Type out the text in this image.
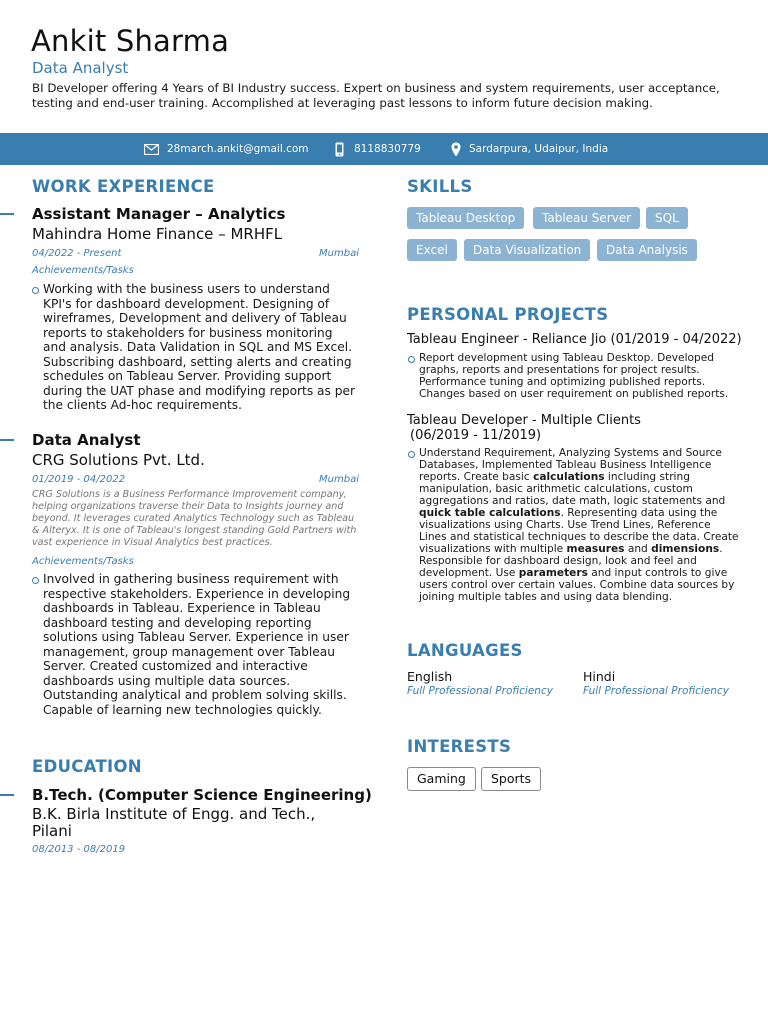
Ankit Sharma
Data Analyst
BI Developer offering 4 Years of BI Industry success. Expert on business and system requirements, user acceptance, testing and end-user training. Accomplished at leveraging past lessons to inform future decision making.
28march.ankit@gmail.com	8118830779	Sardarpura, Udaipur, India
WORK EXPERIENCE
Assistant Manager – Analytics
Mahindra Home Finance – MRHFL
04/2022 - Present	Mumbai
Achievements/Tasks
Working with the business users to understand KPI's for dashboard development. Designing of wireframes, Development and delivery of Tableau reports to stakeholders for business monitoring and analysis. Data Validation in SQL and MS Excel. Subscribing dashboard, setting alerts and creating schedules on Tableau Server. Providing support during the UAT phase and modifying reports as per the clients Ad-hoc requirements.
Data Analyst
CRG Solutions Pvt. Ltd.
01/2019 - 04/2022	Mumbai
CRG Solutions is a Business Performance Improvement company, helping organizations traverse their Data to Insights journey and beyond. It leverages curated Analytics Technology such as Tableau & Alteryx. It is one of Tableau's longest standing Gold Partners with vast experience in Visual Analytics best practices.
Achievements/Tasks
Involved in gathering business requirement with respective stakeholders. Experience in developing dashboards in Tableau. Experience in Tableau dashboard testing and developing reporting solutions using Tableau Server. Experience in user management, group management over Tableau Server. Created customized and interactive dashboards using multiple data sources. Outstanding analytical and problem solving skills. Capable of learning new technologies quickly.
EDUCATION
B.Tech. (Computer Science Engineering)
B.K. Birla Institute of Engg. and Tech.,
Pilani
08/2013 - 08/2019
SKILLS
Tableau Desktop	Tableau Server	SQL
Excel	Data Visualization	Data Analysis
PERSONAL PROJECTS
Tableau Engineer - Reliance Jio (01/2019 - 04/2022)
Report development using Tableau Desktop. Developed graphs, reports and presentations for project results. Performance tuning and optimizing published reports. Changes based on user requirement on published reports.
Tableau Developer - Multiple Clients
(06/2019 - 11/2019)
Understand Requirement, Analyzing Systems and Source Databases, Implemented Tableau Business Intelligence reports. Create basic calculations including string manipulation, basic arithmetic calculations, custom aggregations and ratios, date math, logic statements and quick table calculations. Representing data using the visualizations using Charts. Use Trend Lines, Reference Lines and statistical techniques to describe the data. Create visualizations with multiple measures and dimensions. Responsible for dashboard design, look and feel and development. Use parameters and input controls to give users control over certain values. Combine data sources by joining multiple tables and using data blending.
LANGUAGES
English
Full Professional Proficiency
Hindi
Full Professional Proficiency
INTERESTS
Gaming	Sports
